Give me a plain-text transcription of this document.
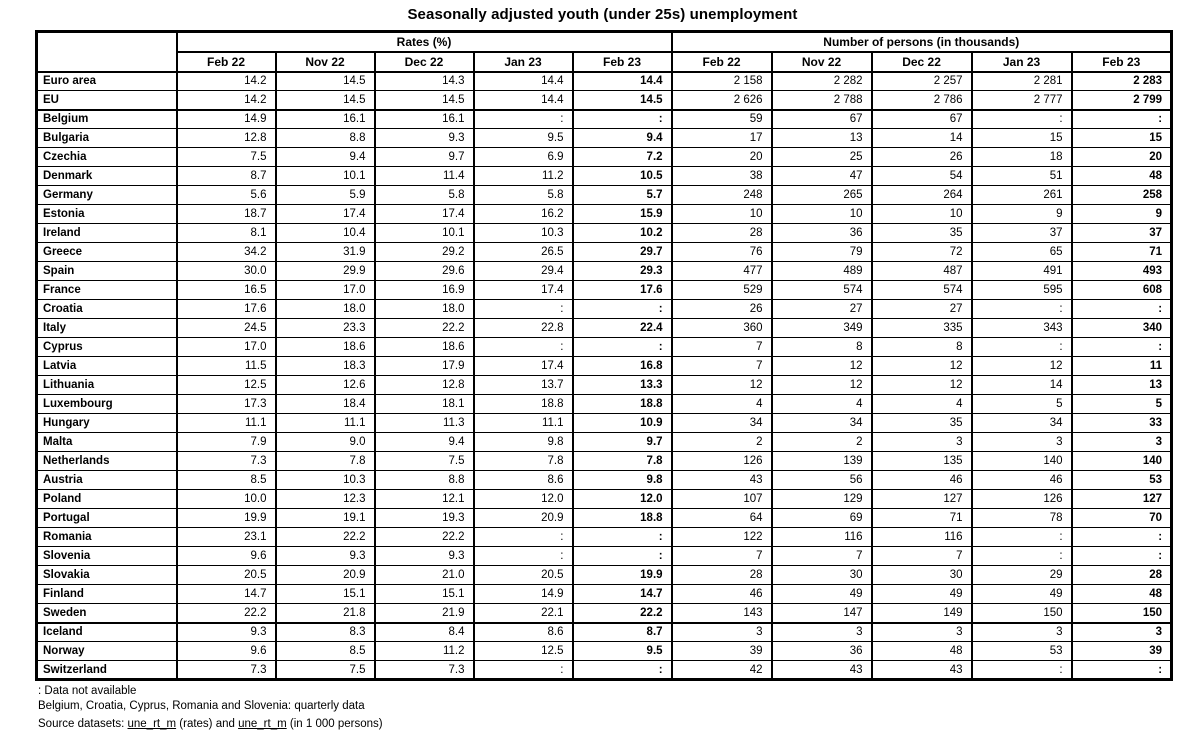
Seasonally adjusted youth (under 25s) unemployment
	Rates (%)					Number of persons (in thousands)				
	Feb 22	Nov 22	Dec 22	Jan 23	Feb 23	Feb 22	Nov 22	Dec 22	Jan 23	Feb 23
Euro area	14.2	14.5	14.3	14.4	14.4	2 158	2 282	2 257	2 281	2 283
EU	14.2	14.5	14.5	14.4	14.5	2 626	2 788	2 786	2 777	2 799
Belgium	14.9	16.1	16.1	:	:	59	67	67	:	:
Bulgaria	12.8	8.8	9.3	9.5	9.4	17	13	14	15	15
Czechia	7.5	9.4	9.7	6.9	7.2	20	25	26	18	20
Denmark	8.7	10.1	11.4	11.2	10.5	38	47	54	51	48
Germany	5.6	5.9	5.8	5.8	5.7	248	265	264	261	258
Estonia	18.7	17.4	17.4	16.2	15.9	10	10	10	9	9
Ireland	8.1	10.4	10.1	10.3	10.2	28	36	35	37	37
Greece	34.2	31.9	29.2	26.5	29.7	76	79	72	65	71
Spain	30.0	29.9	29.6	29.4	29.3	477	489	487	491	493
France	16.5	17.0	16.9	17.4	17.6	529	574	574	595	608
Croatia	17.6	18.0	18.0	:	:	26	27	27	:	:
Italy	24.5	23.3	22.2	22.8	22.4	360	349	335	343	340
Cyprus	17.0	18.6	18.6	:	:	7	8	8	:	:
Latvia	11.5	18.3	17.9	17.4	16.8	7	12	12	12	11
Lithuania	12.5	12.6	12.8	13.7	13.3	12	12	12	14	13
Luxembourg	17.3	18.4	18.1	18.8	18.8	4	4	4	5	5
Hungary	11.1	11.1	11.3	11.1	10.9	34	34	35	34	33
Malta	7.9	9.0	9.4	9.8	9.7	2	2	3	3	3
Netherlands	7.3	7.8	7.5	7.8	7.8	126	139	135	140	140
Austria	8.5	10.3	8.8	8.6	9.8	43	56	46	46	53
Poland	10.0	12.3	12.1	12.0	12.0	107	129	127	126	127
Portugal	19.9	19.1	19.3	20.9	18.8	64	69	71	78	70
Romania	23.1	22.2	22.2	:	:	122	116	116	:	:
Slovenia	9.6	9.3	9.3	:	:	7	7	7	:	:
Slovakia	20.5	20.9	21.0	20.5	19.9	28	30	30	29	28
Finland	14.7	15.1	15.1	14.9	14.7	46	49	49	49	48
Sweden	22.2	21.8	21.9	22.1	22.2	143	147	149	150	150
Iceland	9.3	8.3	8.4	8.6	8.7	3	3	3	3	3
Norway	9.6	8.5	11.2	12.5	9.5	39	36	48	53	39
Switzerland	7.3	7.5	7.3	:	:	42	43	43	:	:
: Data not available
Belgium, Croatia, Cyprus, Romania and Slovenia: quarterly data
Source datasets: une_rt_m (rates) and une_rt_m (in 1 000 persons)
